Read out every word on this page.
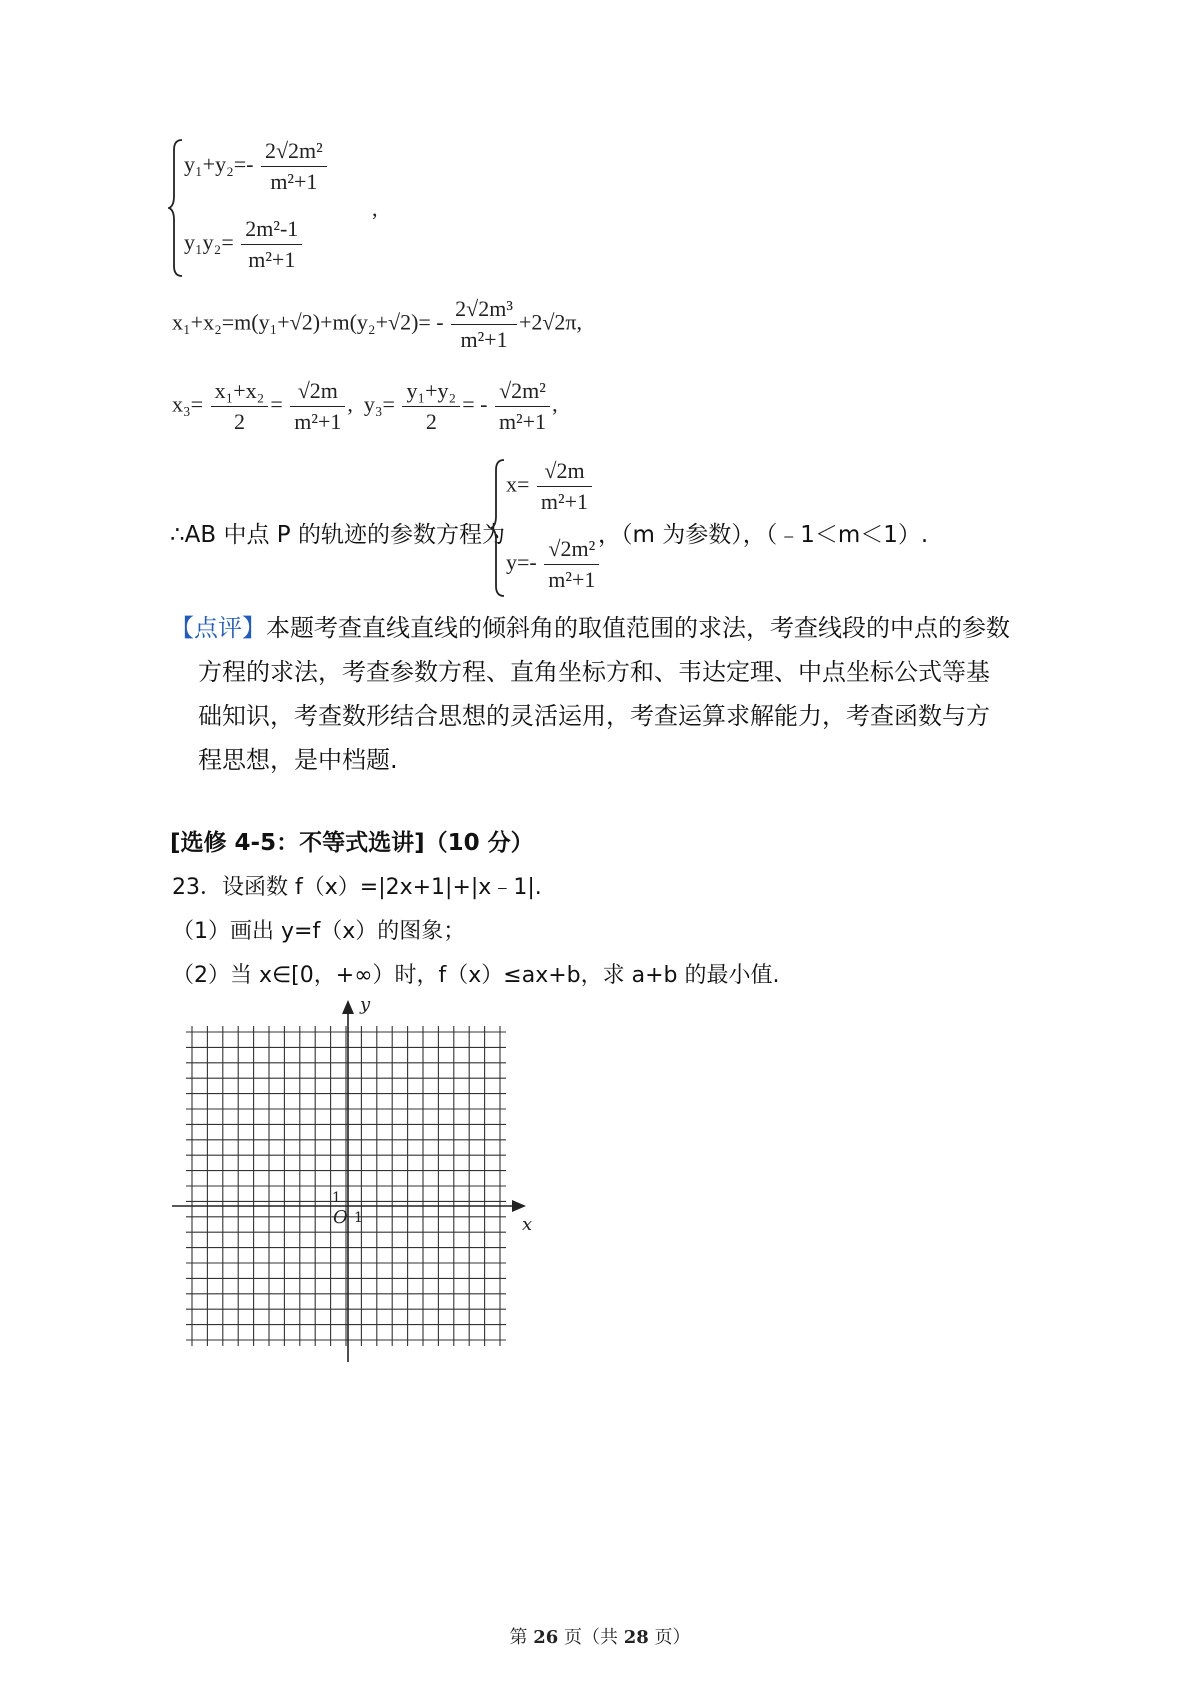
$y_1+y_2=- \frac{\text{2√2m²}}{\text{m²+1}}$
,
$y_1y_2= \frac{\text{2m²-1}}{\text{m²+1}}$
$x_1+x_2=m(y_1+√2)+m(y_2+√2)= - \frac{\text{2√2m³}}{\text{m²+1}} +2√2\pi$,
$x_3= \frac{\text{x₁+x₂}}{2} = \frac{√2m}{\text{m²+1}}$ , $y_3= \frac{\text{y₁+y₂}}{2}$ = - $\frac{\text{√2m²}}{\text{m²+1}}$ ,
∴AB 中点 P 的轨迹的参数方程为
$x= \frac{√2m}{\text{m²+1}}$
$y=- \frac{\text{√2m²}}{\text{m²+1}}$
，（m 为参数），（﹣1＜m＜1）.
【点评】本题考查直线直线的倾斜角的取值范围的求法，考查线段的中点的参数
方程的求法，考查参数方程、直角坐标方和、韦达定理、中点坐标公式等基
础知识，考查数形结合思想的灵活运用，考查运算求解能力，考查函数与方
程思想，是中档题.
[选修 4-5：不等式选讲]（10 分）
23．设函数 f（x）=|2x+1|+|x﹣1|.
（1）画出 y=f（x）的图象；
（2）当 x∈[0，+∞）时，f（x）≤ax+b，求 a+b 的最小值.
y
x
O 1
1
第 26 页（共 28 页）
